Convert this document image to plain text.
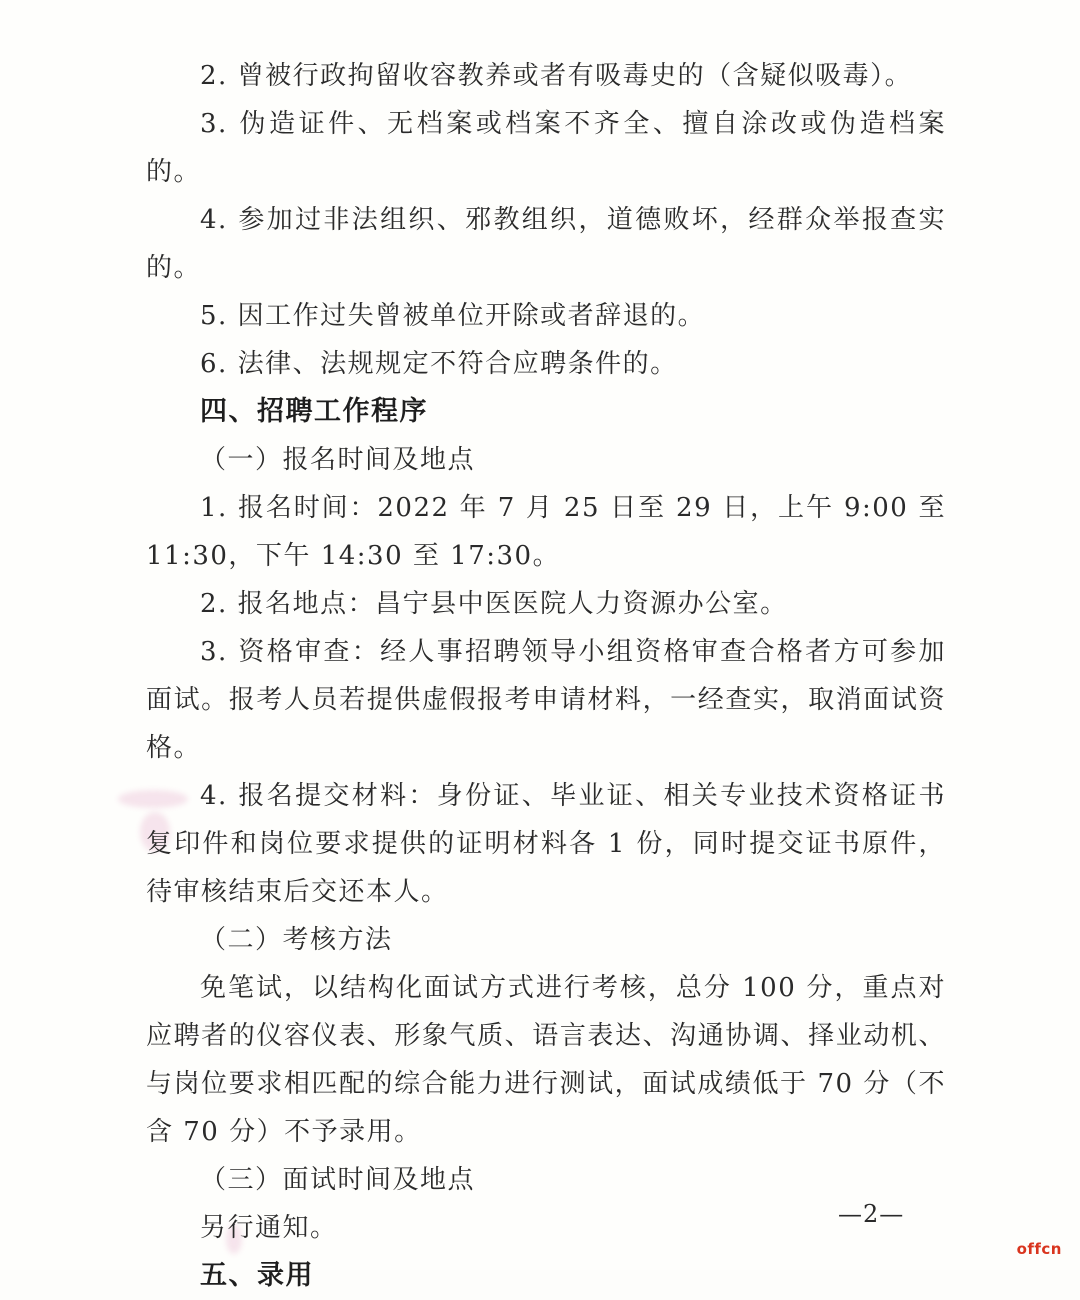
2. 曾被行政拘留收容教养或者有吸毒史的（含疑似吸毒）。

3. 伪造证件、无档案或档案不齐全、擅自涂改或伪造档案的。

4. 参加过非法组织、邪教组织，道德败坏，经群众举报查实的。

5. 因工作过失曾被单位开除或者辞退的。

6. 法律、法规规定不符合应聘条件的。

四、招聘工作程序

（一）报名时间及地点

1. 报名时间：2022 年 7 月 25 日至 29 日，上午 9:00 至 11:30，下午 14:30 至 17:30。

2. 报名地点：昌宁县中医医院人力资源办公室。

3. 资格审查：经人事招聘领导小组资格审查合格者方可参加面试。报考人员若提供虚假报考申请材料，一经查实，取消面试资格。

4. 报名提交材料：身份证、毕业证、相关专业技术资格证书复印件和岗位要求提供的证明材料各 1 份，同时提交证书原件，待审核结束后交还本人。

（二）考核方法

免笔试，以结构化面试方式进行考核，总分 100 分，重点对应聘者的仪容仪表、形象气质、语言表达、沟通协调、择业动机、与岗位要求相匹配的综合能力进行测试，面试成绩低于 70 分（不含 70 分）不予录用。

（三）面试时间及地点

另行通知。

五、录用

—2—
offcn
